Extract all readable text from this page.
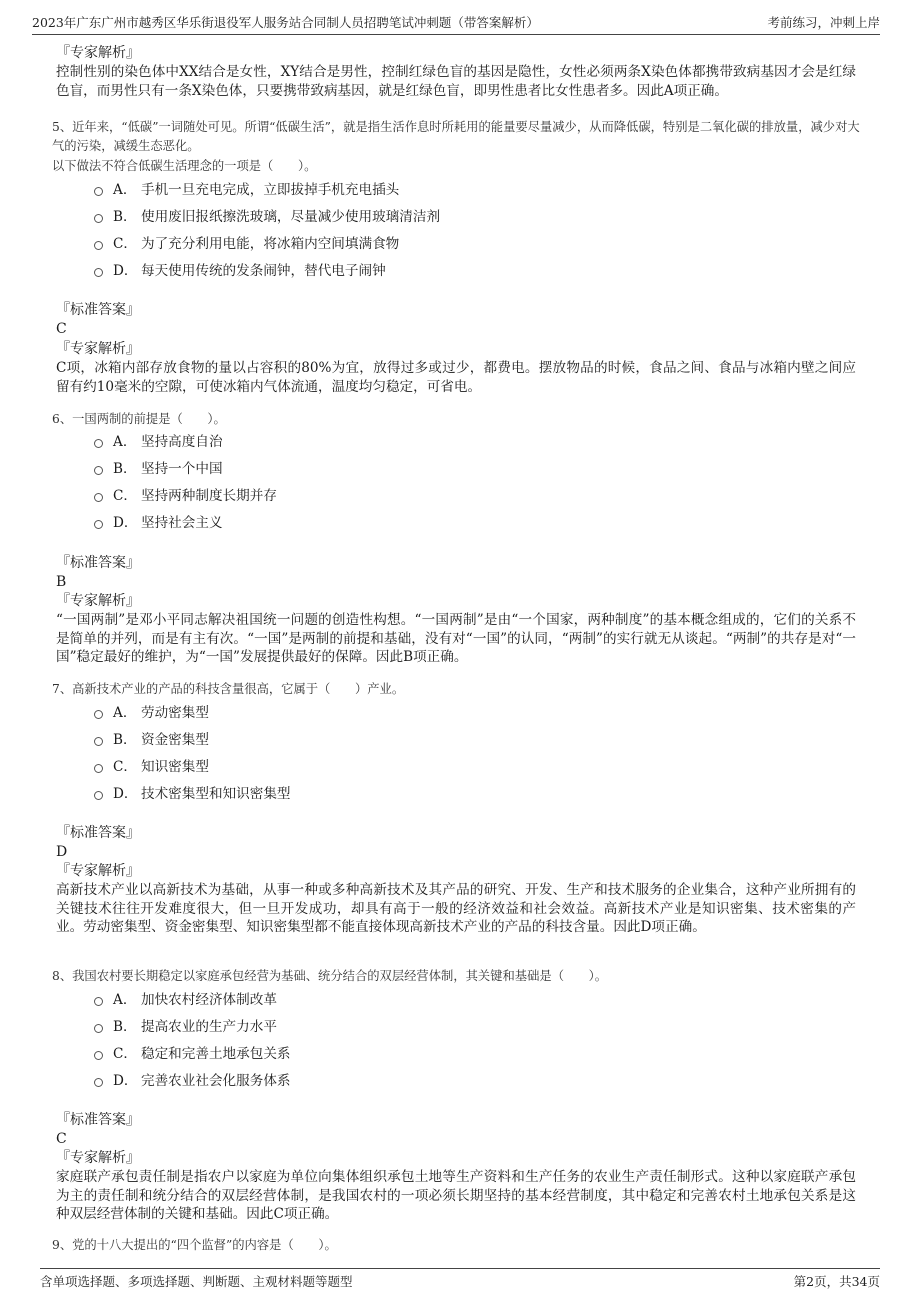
2023年广东广州市越秀区华乐街退役军人服务站合同制人员招聘笔试冲刺题（带答案解析）	考前练习，冲刺上岸
『专家解析』
控制性别的染色体中XX结合是女性，XY结合是男性，控制红绿色盲的基因是隐性，女性必须两条X染色体都携带致病基因才会是红绿色盲，而男性只有一条X染色体，只要携带致病基因，就是红绿色盲，即男性患者比女性患者多。因此A项正确。
5、近年来，“低碳”一词随处可见。所谓“低碳生活”，就是指生活作息时所耗用的能量要尽量减少，从而降低碳，特别是二氧化碳的排放量，减少对大气的污染，减缓生态恶化。
以下做法不符合低碳生活理念的一项是（　　）。
A． 手机一旦充电完成，立即拔掉手机充电插头
B． 使用废旧报纸擦洗玻璃，尽量减少使用玻璃清洁剂
C． 为了充分利用电能，将冰箱内空间填满食物
D． 每天使用传统的发条闹钟，替代电子闹钟
『标准答案』
C
『专家解析』
C项，冰箱内部存放食物的量以占容积的80%为宜，放得过多或过少，都费电。摆放物品的时候，食品之间、食品与冰箱内壁之间应留有约10毫米的空隙，可使冰箱内气体流通，温度均匀稳定，可省电。
6、一国两制的前提是（　　）。
A． 坚持高度自治
B． 坚持一个中国
C． 坚持两种制度长期并存
D． 坚持社会主义
『标准答案』
B
『专家解析』
“一国两制”是邓小平同志解决祖国统一问题的创造性构想。“一国两制”是由“一个国家，两种制度”的基本概念组成的，它们的关系不是简单的并列，而是有主有次。“一国”是两制的前提和基础，没有对“一国”的认同，“两制”的实行就无从谈起。“两制”的共存是对“一国”稳定最好的维护，为“一国”发展提供最好的保障。因此B项正确。
7、高新技术产业的产品的科技含量很高，它属于（　　）产业。
A． 劳动密集型
B． 资金密集型
C． 知识密集型
D． 技术密集型和知识密集型
『标准答案』
D
『专家解析』
高新技术产业以高新技术为基础，从事一种或多种高新技术及其产品的研究、开发、生产和技术服务的企业集合，这种产业所拥有的关键技术往往开发难度很大，但一旦开发成功，却具有高于一般的经济效益和社会效益。高新技术产业是知识密集、技术密集的产业。劳动密集型、资金密集型、知识密集型都不能直接体现高新技术产业的产品的科技含量。因此D项正确。
8、我国农村要长期稳定以家庭承包经营为基础、统分结合的双层经营体制，其关键和基础是（　　）。
A． 加快农村经济体制改革
B． 提高农业的生产力水平
C． 稳定和完善土地承包关系
D． 完善农业社会化服务体系
『标准答案』
C
『专家解析』
家庭联产承包责任制是指农户以家庭为单位向集体组织承包土地等生产资料和生产任务的农业生产责任制形式。这种以家庭联产承包为主的责任制和统分结合的双层经营体制，是我国农村的一项必须长期坚持的基本经营制度，其中稳定和完善农村土地承包关系是这种双层经营体制的关键和基础。因此C项正确。
9、党的十八大提出的“四个监督”的内容是（　　）。
含单项选择题、多项选择题、判断题、主观材料题等题型	第2页，共34页
